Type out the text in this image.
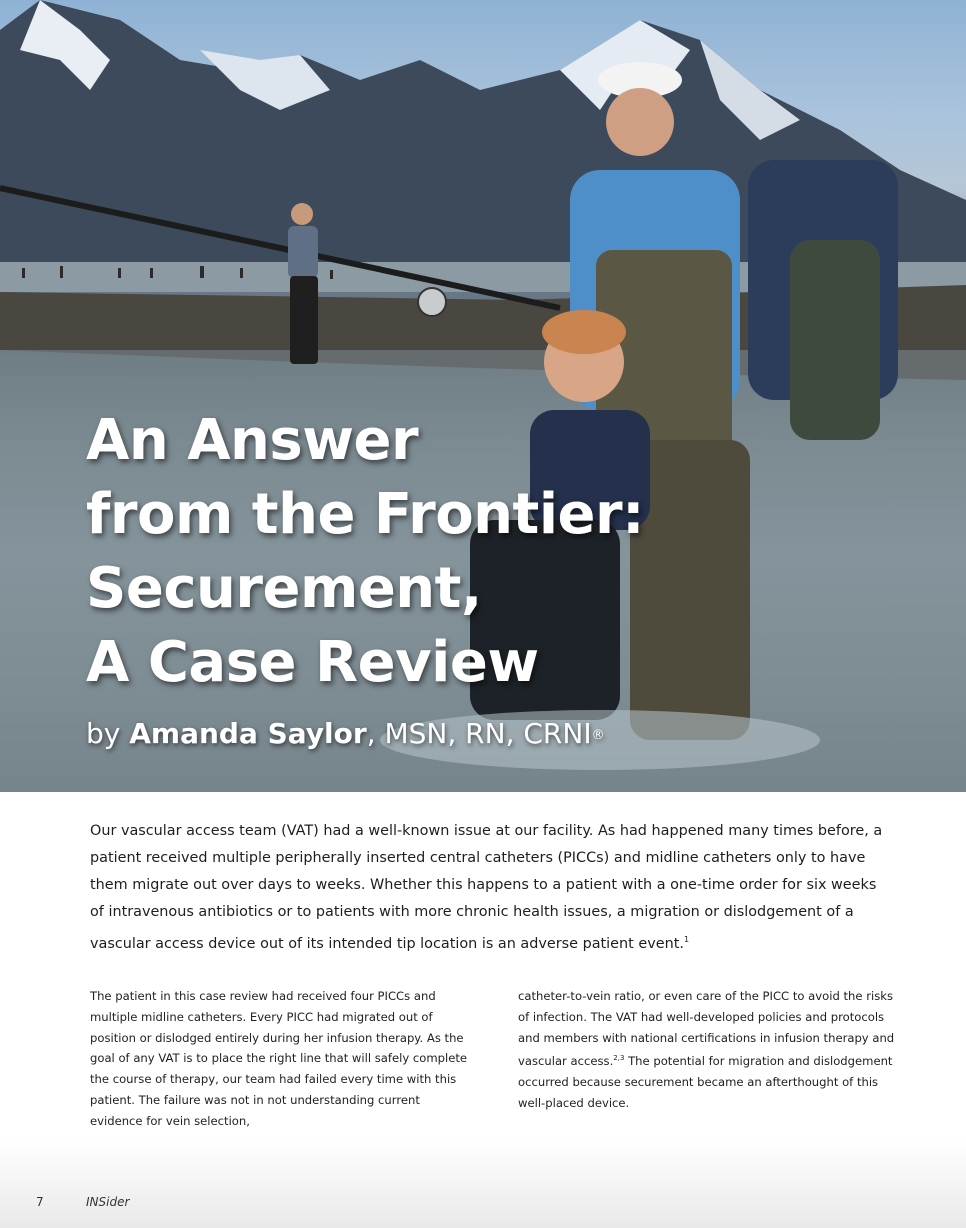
An Answer
from the Frontier:
Securement,
A Case Review

by Amanda Saylor, MSN, RN, CRNI®

Our vascular access team (VAT) had a well-known issue at our facility. As had happened many times before, a patient received multiple peripherally inserted central catheters (PICCs) and midline catheters only to have them migrate out over days to weeks. Whether this happens to a patient with a one-time order for six weeks of intravenous antibiotics or to patients with more chronic health issues, a migration or dislodgement of a vascular access device out of its intended tip location is an adverse patient event.$^1$

The patient in this case review had received four PICCs and multiple midline catheters. Every PICC had migrated out of position or dislodged entirely during her infusion therapy. As the goal of any VAT is to place the right line that will safely complete the course of therapy, our team had failed every time with this patient. The failure was not in not understanding current evidence for vein selection,

catheter-to-vein ratio, or even care of the PICC to avoid the risks of infection. The VAT had well-developed policies and protocols and members with national certifications in infusion therapy and vascular access.$^{2,3}$ The potential for migration and dislodgement occurred because securement became an afterthought of this well-placed device.

7	INSider
